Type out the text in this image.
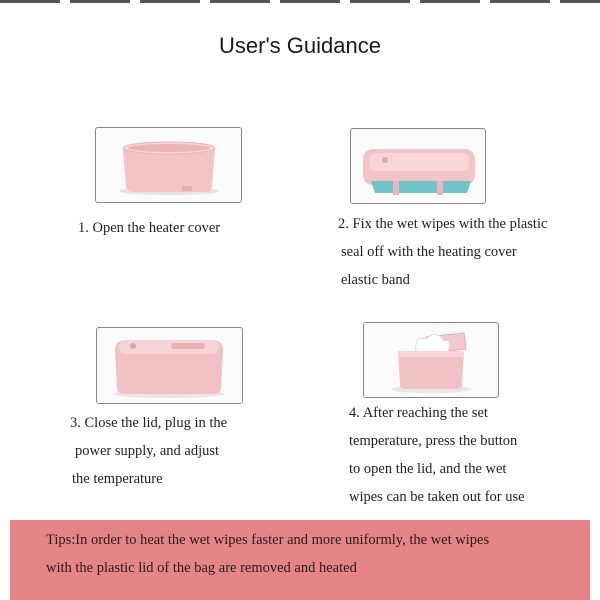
User's Guidance
1. Open the heater cover	2. Fix the wet wipes with the plastic
seal off with the heating cover
elastic band
3. Close the lid, plug in the
power supply, and adjust
the temperature
4. After reaching the set
temperature, press the button
to open the lid, and the wet
wipes can be taken out for use
Tips:In order to heat the wet wipes faster and more uniformly, the wet wipes
with the plastic lid of the bag are removed and heated
